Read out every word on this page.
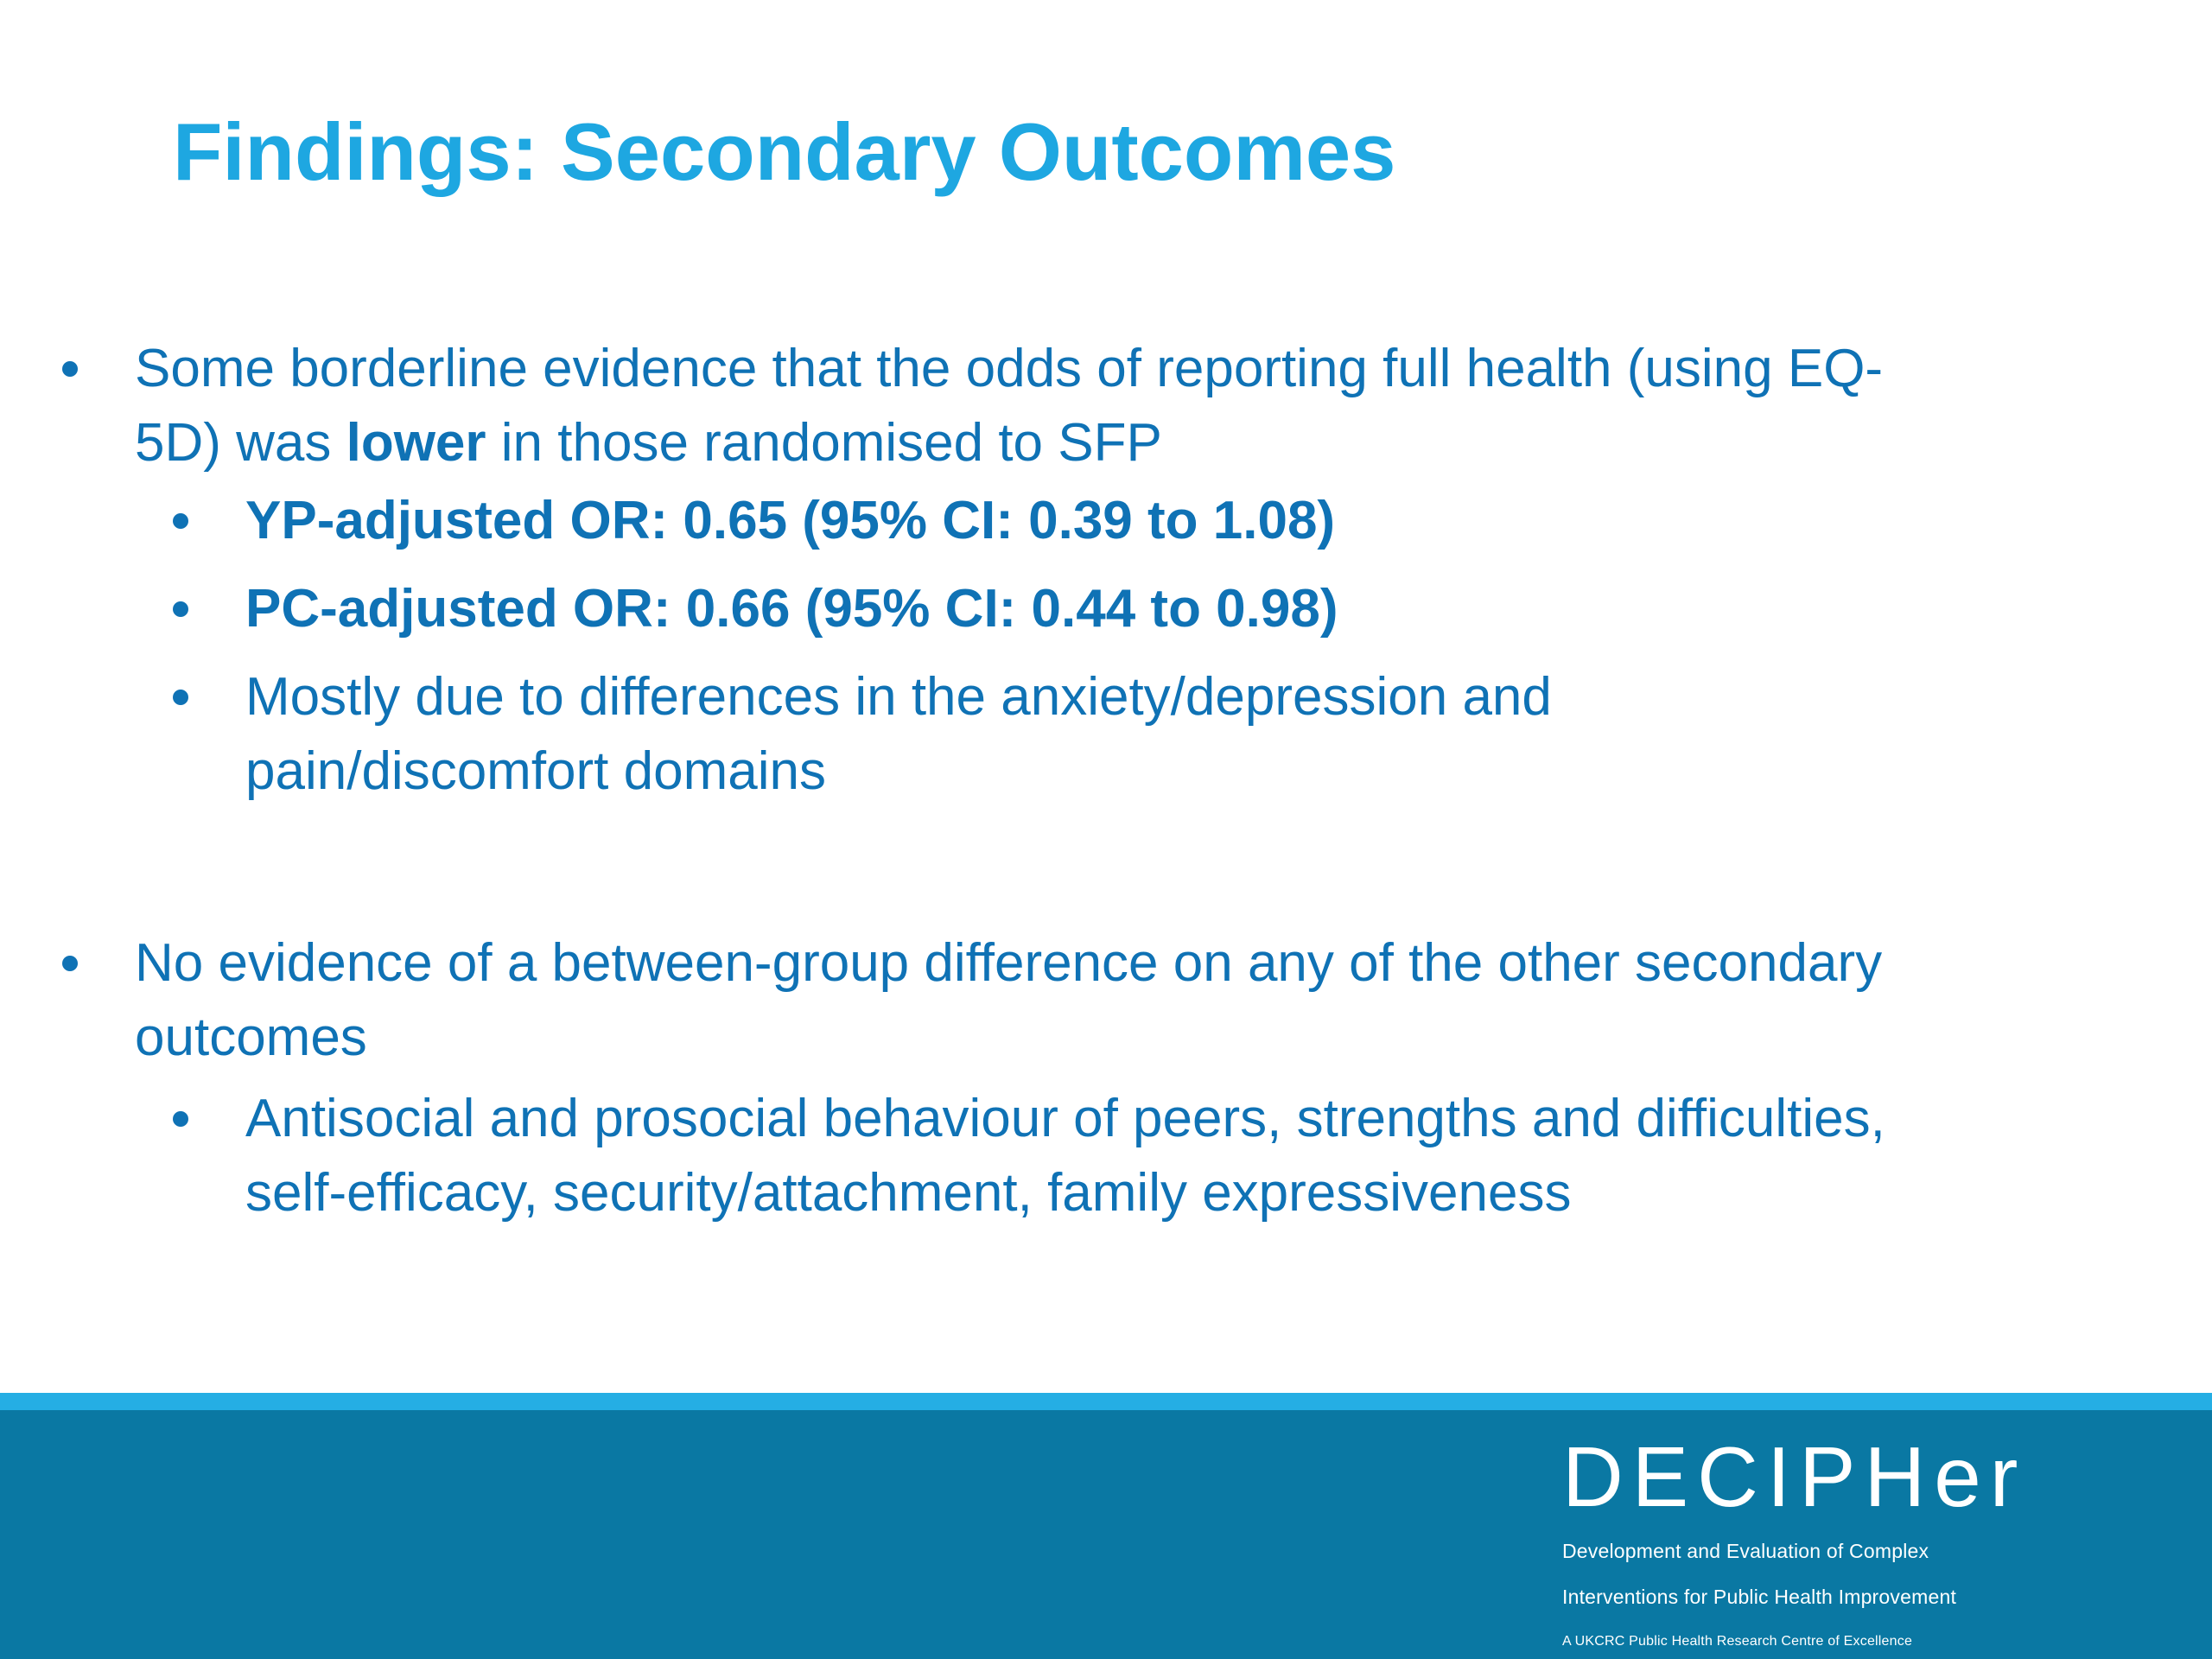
Findings: Secondary Outcomes
Some borderline evidence that the odds of reporting full health (using EQ-
5D) was lower in those randomised to SFP
YP-adjusted OR: 0.65 (95% CI: 0.39 to 1.08)
PC-adjusted OR: 0.66 (95% CI: 0.44 to 0.98)
Mostly due to differences in the anxiety/depression and
pain/discomfort domains
No evidence of a between-group difference on any of the other secondary
outcomes
Antisocial and prosocial behaviour of peers, strengths and difficulties,
self-efficacy, security/attachment, family expressiveness
DECIPHer
Development and Evaluation of Complex
Interventions for Public Health Improvement
A UKCRC Public Health Research Centre of Excellence
